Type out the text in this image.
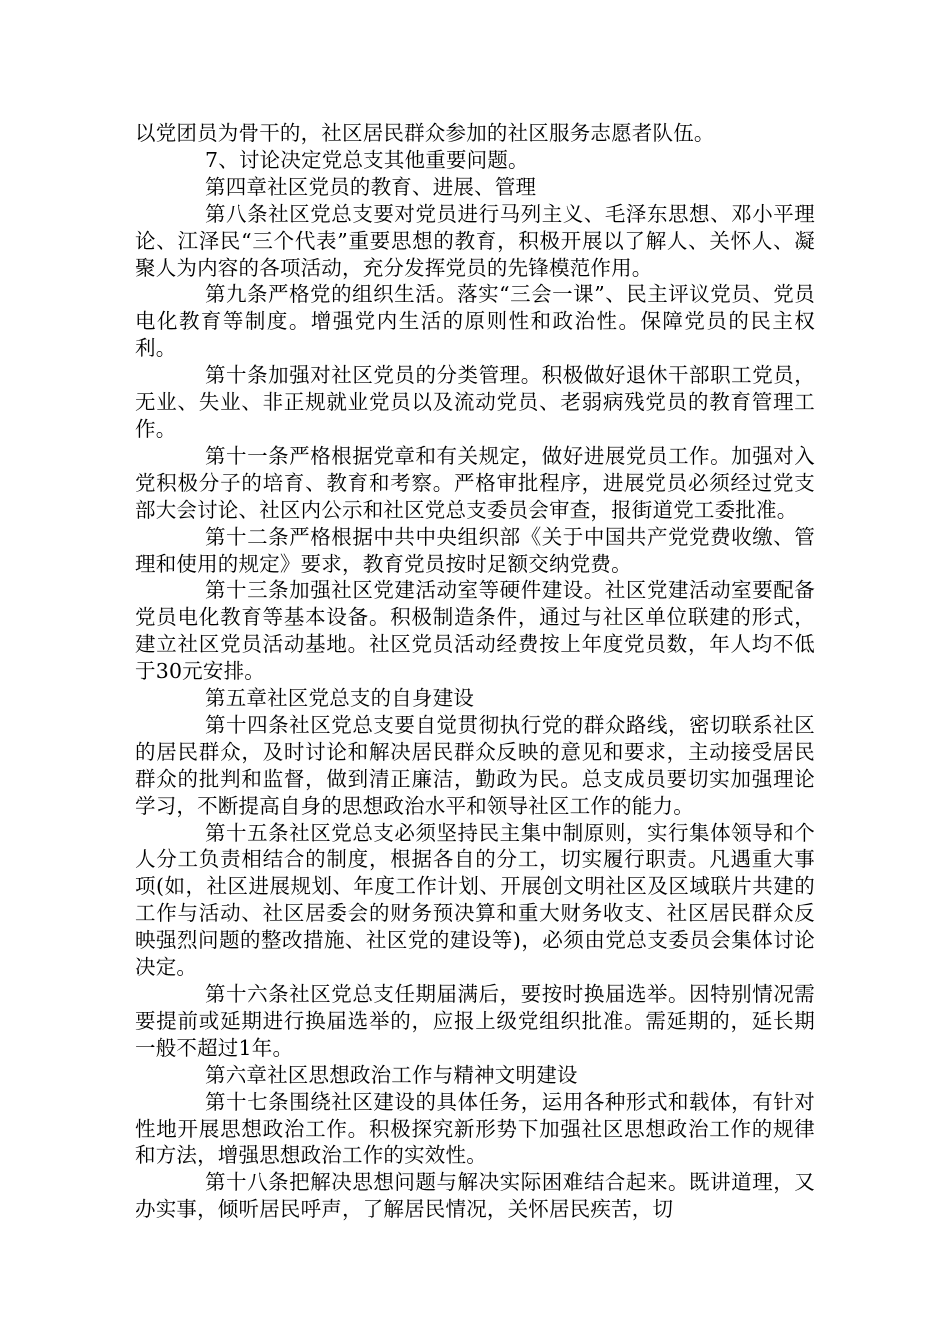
以党团员为骨干的，社区居民群众参加的社区服务志愿者队伍。

7、讨论决定党总支其他重要问题。

第四章社区党员的教育、进展、管理

第八条社区党总支要对党员进行马列主义、毛泽东思想、邓小平理论、江泽民“三个代表”重要思想的教育，积极开展以了解人、关怀人、凝聚人为内容的各项活动，充分发挥党员的先锋模范作用。

第九条严格党的组织生活。落实“三会一课”、民主评议党员、党员电化教育等制度。增强党内生活的原则性和政治性。保障党员的民主权利。

第十条加强对社区党员的分类管理。积极做好退休干部职工党员，无业、失业、非正规就业党员以及流动党员、老弱病残党员的教育管理工作。

第十一条严格根据党章和有关规定，做好进展党员工作。加强对入党积极分子的培育、教育和考察。严格审批程序，进展党员必须经过党支部大会讨论、社区内公示和社区党总支委员会审查，报街道党工委批准。

第十二条严格根据中共中央组织部《关于中国共产党党费收缴、管理和使用的规定》要求，教育党员按时足额交纳党费。

第十三条加强社区党建活动室等硬件建设。社区党建活动室要配备党员电化教育等基本设备。积极制造条件，通过与社区单位联建的形式，建立社区党员活动基地。社区党员活动经费按上年度党员数，年人均不低于30元安排。

第五章社区党总支的自身建设

第十四条社区党总支要自觉贯彻执行党的群众路线，密切联系社区的居民群众，及时讨论和解决居民群众反映的意见和要求，主动接受居民群众的批判和监督，做到清正廉洁，勤政为民。总支成员要切实加强理论学习，不断提高自身的思想政治水平和领导社区工作的能力。

第十五条社区党总支必须坚持民主集中制原则，实行集体领导和个人分工负责相结合的制度，根据各自的分工，切实履行职责。凡遇重大事项(如，社区进展规划、年度工作计划、开展创文明社区及区域联片共建的工作与活动、社区居委会的财务预决算和重大财务收支、社区居民群众反映强烈问题的整改措施、社区党的建设等)，必须由党总支委员会集体讨论决定。

第十六条社区党总支任期届满后，要按时换届选举。因特别情况需要提前或延期进行换届选举的，应报上级党组织批准。需延期的，延长期一般不超过1年。

第六章社区思想政治工作与精神文明建设

第十七条围绕社区建设的具体任务，运用各种形式和载体，有针对性地开展思想政治工作。积极探究新形势下加强社区思想政治工作的规律和方法，增强思想政治工作的实效性。

第十八条把解决思想问题与解决实际困难结合起来。既讲道理，又办实事，倾听居民呼声，了解居民情况，关怀居民疾苦，切
